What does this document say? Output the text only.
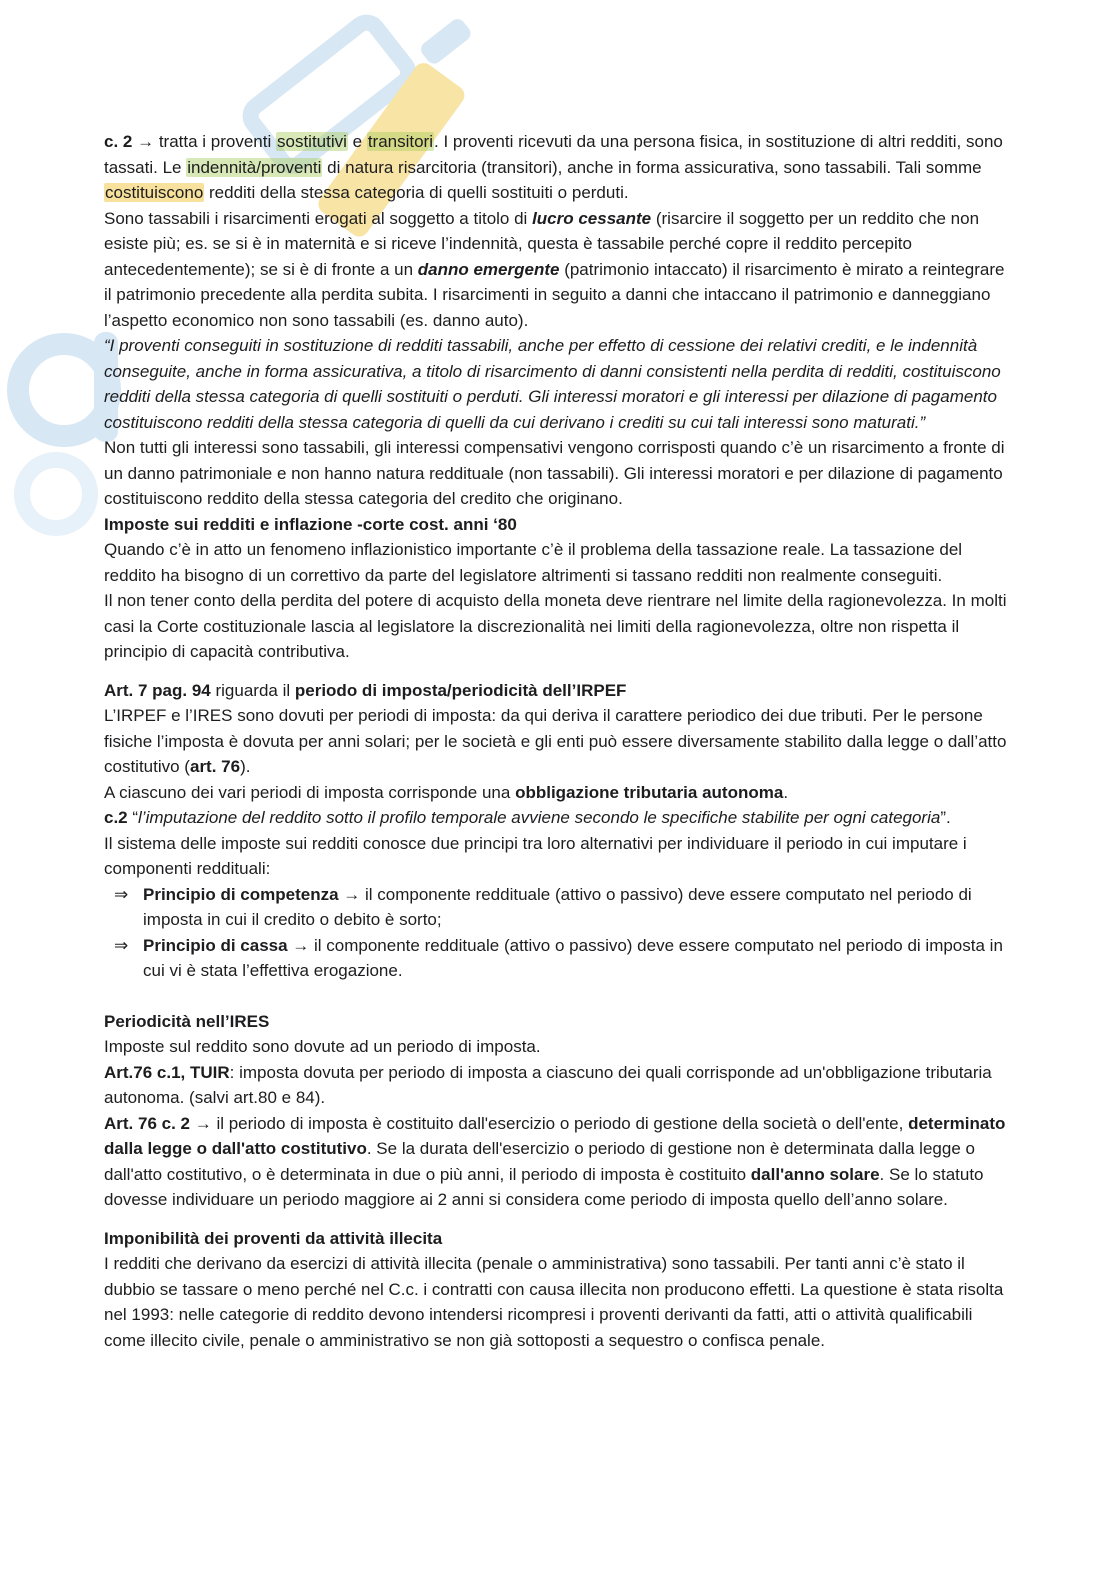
c. 2 → tratta i proventi sostitutivi e transitori. I proventi ricevuti da una persona fisica, in sostituzione di altri redditi, sono tassati. Le indennità/proventi di natura risarcitoria (transitori), anche in forma assicurativa, sono tassabili. Tali somme costituiscono redditi della stessa categoria di quelli sostituiti o perduti.

Sono tassabili i risarcimenti erogati al soggetto a titolo di lucro cessante (risarcire il soggetto per un reddito che non esiste più; es. se si è in maternità e si riceve l’indennità, questa è tassabile perché copre il reddito percepito antecedentemente); se si è di fronte a un danno emergente (patrimonio intaccato) il risarcimento è mirato a reintegrare il patrimonio precedente alla perdita subita. I risarcimenti in seguito a danni che intaccano il patrimonio e danneggiano l’aspetto economico non sono tassabili (es. danno auto).

“I proventi conseguiti in sostituzione di redditi tassabili, anche per effetto di cessione dei relativi crediti, e le indennità conseguite, anche in forma assicurativa, a titolo di risarcimento di danni consistenti nella perdita di redditi, costituiscono redditi della stessa categoria di quelli sostituiti o perduti. Gli interessi moratori e gli interessi per dilazione di pagamento costituiscono redditi della stessa categoria di quelli da cui derivano i crediti su cui tali interessi sono maturati.”

Non tutti gli interessi sono tassabili, gli interessi compensativi vengono corrisposti quando c’è un risarcimento a fronte di un danno patrimoniale e non hanno natura reddituale (non tassabili). Gli interessi moratori e per dilazione di pagamento costituiscono reddito della stessa categoria del credito che originano.

Imposte sui redditi e inflazione -corte cost. anni ‘80

Quando c’è in atto un fenomeno inflazionistico importante c’è il problema della tassazione reale. La tassazione del reddito ha bisogno di un correttivo da parte del legislatore altrimenti si tassano redditi non realmente conseguiti.

Il non tener conto della perdita del potere di acquisto della moneta deve rientrare nel limite della ragionevolezza. In molti casi la Corte costituzionale lascia al legislatore la discrezionalità nei limiti della ragionevolezza, oltre non rispetta il principio di capacità contributiva.

Art. 7 pag. 94 riguarda il periodo di imposta/periodicità dell’IRPEF

L’IRPEF e l’IRES sono dovuti per periodi di imposta: da qui deriva il carattere periodico dei due tributi. Per le persone fisiche l’imposta è dovuta per anni solari; per le società e gli enti può essere diversamente stabilito dalla legge o dall’atto costitutivo (art. 76).

A ciascuno dei vari periodi di imposta corrisponde una obbligazione tributaria autonoma.

c.2 “l’imputazione del reddito sotto il profilo temporale avviene secondo le specifiche stabilite per ogni categoria”.

Il sistema delle imposte sui redditi conosce due principi tra loro alternativi per individuare il periodo in cui imputare i componenti reddituali:

⇒ Principio di competenza → il componente reddituale (attivo o passivo) deve essere computato nel periodo di imposta in cui il credito o debito è sorto;
⇒ Principio di cassa → il componente reddituale (attivo o passivo) deve essere computato nel periodo di imposta in cui vi è stata l’effettiva erogazione.

Periodicità nell’IRES

Imposte sul reddito sono dovute ad un periodo di imposta.

Art.76 c.1, TUIR: imposta dovuta per periodo di imposta a ciascuno dei quali corrisponde ad un'obbligazione tributaria autonoma. (salvi art.80 e 84).

Art. 76 c. 2 → il periodo di imposta è costituito dall'esercizio o periodo di gestione della società o dell'ente, determinato dalla legge o dall'atto costitutivo. Se la durata dell'esercizio o periodo di gestione non è determinata dalla legge o dall'atto costitutivo, o è determinata in due o più anni, il periodo di imposta è costituito dall'anno solare. Se lo statuto dovesse individuare un periodo maggiore ai 2 anni si considera come periodo di imposta quello dell’anno solare.

Imponibilità dei proventi da attività illecita

I redditi che derivano da esercizi di attività illecita (penale o amministrativa) sono tassabili. Per tanti anni c’è stato il dubbio se tassare o meno perché nel C.c. i contratti con causa illecita non producono effetti. La questione è stata risolta nel 1993: nelle categorie di reddito devono intendersi ricompresi i proventi derivanti da fatti, atti o attività qualificabili come illecito civile, penale o amministrativo se non già sottoposti a sequestro o confisca penale.
